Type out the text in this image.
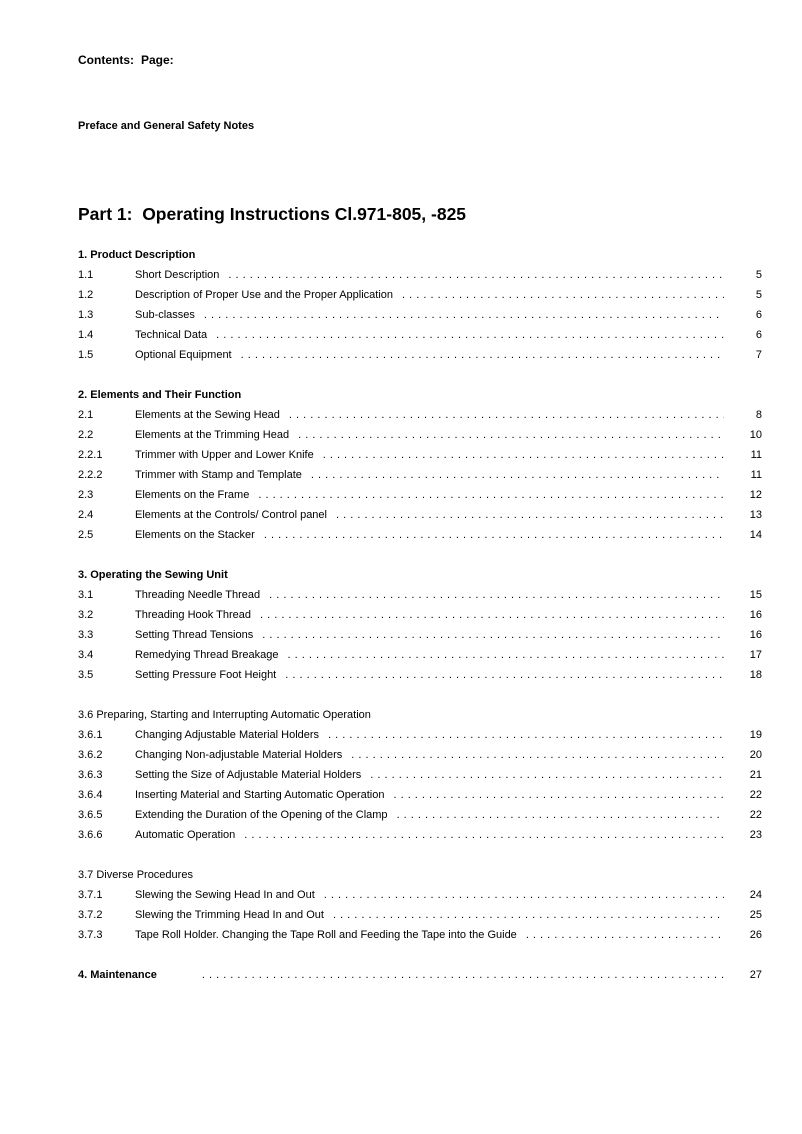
Contents: Page:
Preface and General Safety Notes
Part 1:  Operating Instructions Cl.971-805, -825
1. Product Description
1.1	Short Description . . .	5
1.2	Description of Proper Use and the Proper Application . . .	5
1.3	Sub-classes . . .	6
1.4	Technical Data . . .	6
1.5	Optional Equipment . . .	7
2. Elements and Their Function
2.1	Elements at the Sewing Head . . .	8
2.2	Elements at the Trimming Head . . .	10
2.2.1	Trimmer with Upper and Lower Knife . . .	11
2.2.2	Trimmer with Stamp and Template . . .	11
2.3	Elements on the Frame . . .	12
2.4	Elements at the Controls/ Control panel . . .	13
2.5	Elements on the Stacker . . .	14
3. Operating the Sewing Unit
3.1	Threading Needle Thread . . .	15
3.2	Threading Hook Thread . . .	16
3.3	Setting Thread Tensions . . .	16
3.4	Remedying Thread Breakage . . .	17
3.5	Setting Pressure Foot Height . . .	18
3.6 Preparing, Starting and Interrupting Automatic Operation
3.6.1	Changing Adjustable Material Holders . . .	19
3.6.2	Changing Non-adjustable Material Holders . . .	20
3.6.3	Setting the Size of Adjustable Material Holders . . .	21
3.6.4	Inserting Material and Starting Automatic Operation . . .	22
3.6.5	Extending the Duration of the Opening of the Clamp . . .	22
3.6.6	Automatic Operation . . .	23
3.7 Diverse Procedures
3.7.1	Slewing the Sewing Head In and Out . . .	24
3.7.2	Slewing the Trimming Head In and Out . . .	25
3.7.3	Tape Roll Holder. Changing the Tape Roll and Feeding the Tape into the Guide . . .	26
4. Maintenance . . .	27
